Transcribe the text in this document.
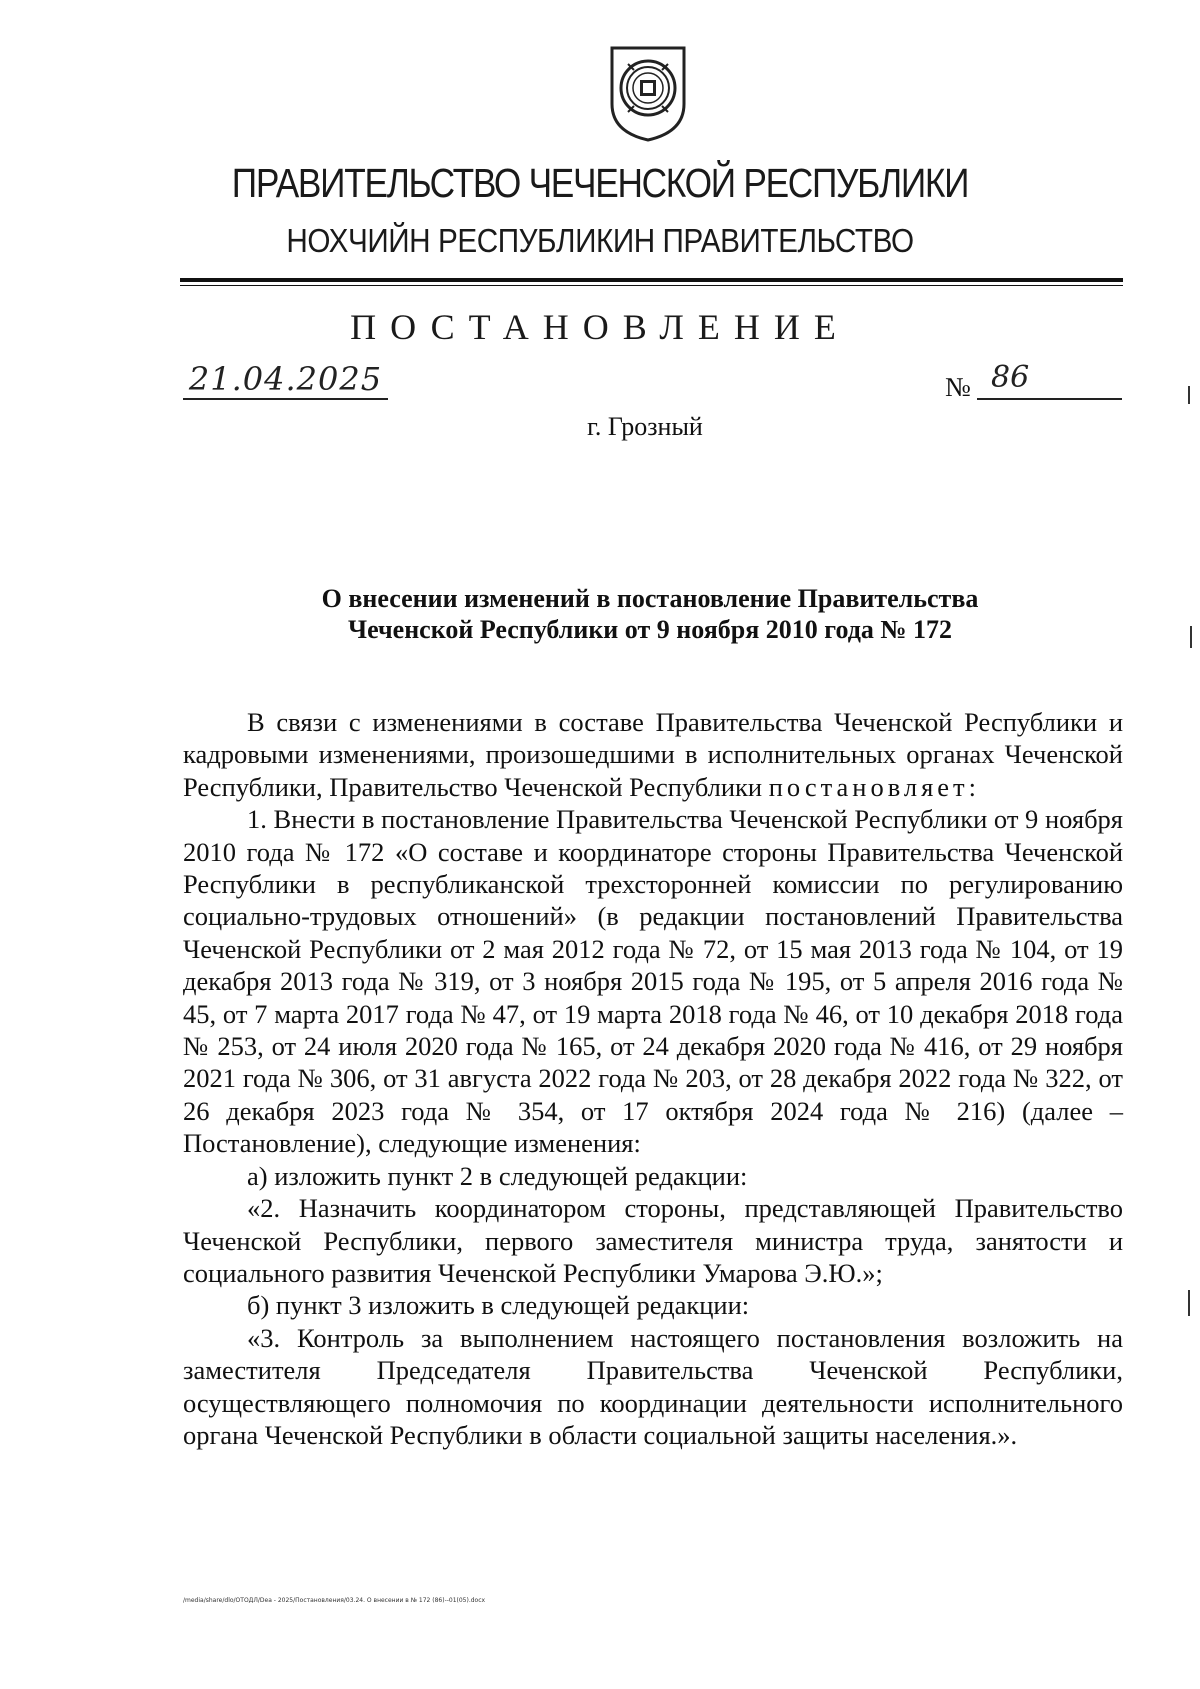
ПРАВИТЕЛЬСТВО ЧЕЧЕНСКОЙ РЕСПУБЛИКИ
НОХЧИЙН РЕСПУБЛИКИН ПРАВИТЕЛЬСТВО
ПОСТАНОВЛЕНИЕ
21.04.2025	№ 86
г. Грозный
О внесении изменений в постановление Правительства
Чеченской Республики от 9 ноября 2010 года № 172

В связи с изменениями в составе Правительства Чеченской Республики и кадровыми изменениями, произошедшими в исполнительных органах Чеченской Республики, Правительство Чеченской Республики постановляет:

1. Внести в постановление Правительства Чеченской Республики от 9 ноября 2010 года № 172 «О составе и координаторе стороны Правительства Чеченской Республики в республиканской трехсторонней комиссии по регулированию социально-трудовых отношений» (в редакции постановлений Правительства Чеченской Республики от 2 мая 2012 года № 72, от 15 мая 2013 года № 104, от 19 декабря 2013 года № 319, от 3 ноября 2015 года № 195, от 5 апреля 2016 года № 45, от 7 марта 2017 года № 47, от 19 марта 2018 года № 46, от 10 декабря 2018 года № 253, от 24 июля 2020 года № 165, от 24 декабря 2020 года № 416, от 29 ноября 2021 года № 306, от 31 августа 2022 года № 203, от 28 декабря 2022 года № 322, от 26 декабря 2023 года № 354, от 17 октября 2024 года № 216) (далее – Постановление), следующие изменения:

а) изложить пункт 2 в следующей редакции:

«2. Назначить координатором стороны, представляющей Правительство Чеченской Республики, первого заместителя министра труда, занятости и социального развития Чеченской Республики Умарова Э.Ю.»;

б) пункт 3 изложить в следующей редакции:

«3. Контроль за выполнением настоящего постановления возложить на заместителя Председателя Правительства Чеченской Республики, осуществляющего полномочия по координации деятельности исполнительного органа Чеченской Республики в области социальной защиты населения.».

/media/share/dlo/ОТОДЛ/Dea - 2025/Постановления/03.24. О внесении в № 172 (86)--01(05).docx
